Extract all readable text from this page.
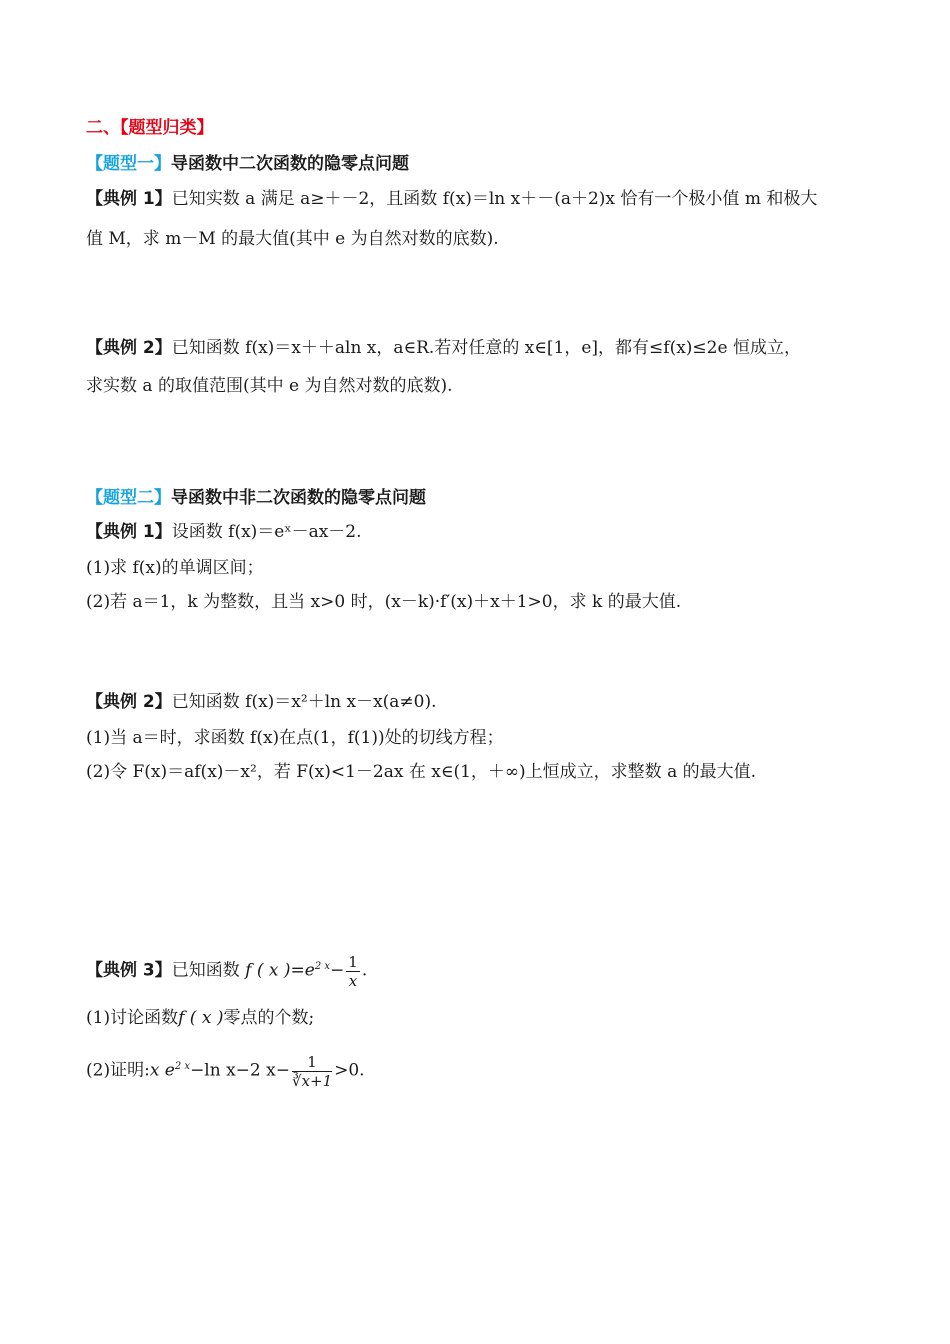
二、【题型归类】
【题型一】导函数中二次函数的隐零点问题
【典例 1】已知实数 a 满足 a≥＋－2，且函数 f(x)＝ln x＋－(a＋2)x 恰有一个极小值 m 和极大
值 M，求 m－M 的最大值(其中 e 为自然对数的底数).
【典例 2】已知函数 f(x)＝x＋＋aln x，a∈R.若对任意的 x∈[1，e]，都有≤f(x)≤2e 恒成立，
求实数 a 的取值范围(其中 e 为自然对数的底数).
【题型二】导函数中非二次函数的隐零点问题
【典例 1】设函数 f(x)＝eˣ－ax－2.
(1)求 f(x)的单调区间；
(2)若 a＝1，k 为整数，且当 x>0 时，(x－k)·f′(x)＋x＋1>0，求 k 的最大值.
【典例 2】已知函数 f(x)＝x²＋ln x－x(a≠0).
(1)当 a＝时，求函数 f(x)在点(1，f(1))处的切线方程；
(2)令 F(x)＝af(x)－x²，若 F(x)<1－2ax 在 x∈(1，＋∞)上恒成立，求整数 a 的最大值.
【典例 3】已知函数 f ( x )$=e^{2 x}- \frac{1}{x}$ .
(1)讨论函数f ( x )零点的个数;
(2)证明:x $e^{2 x}-\ln$ x−2 $x- \frac{1}{∛x+1} >0$.
